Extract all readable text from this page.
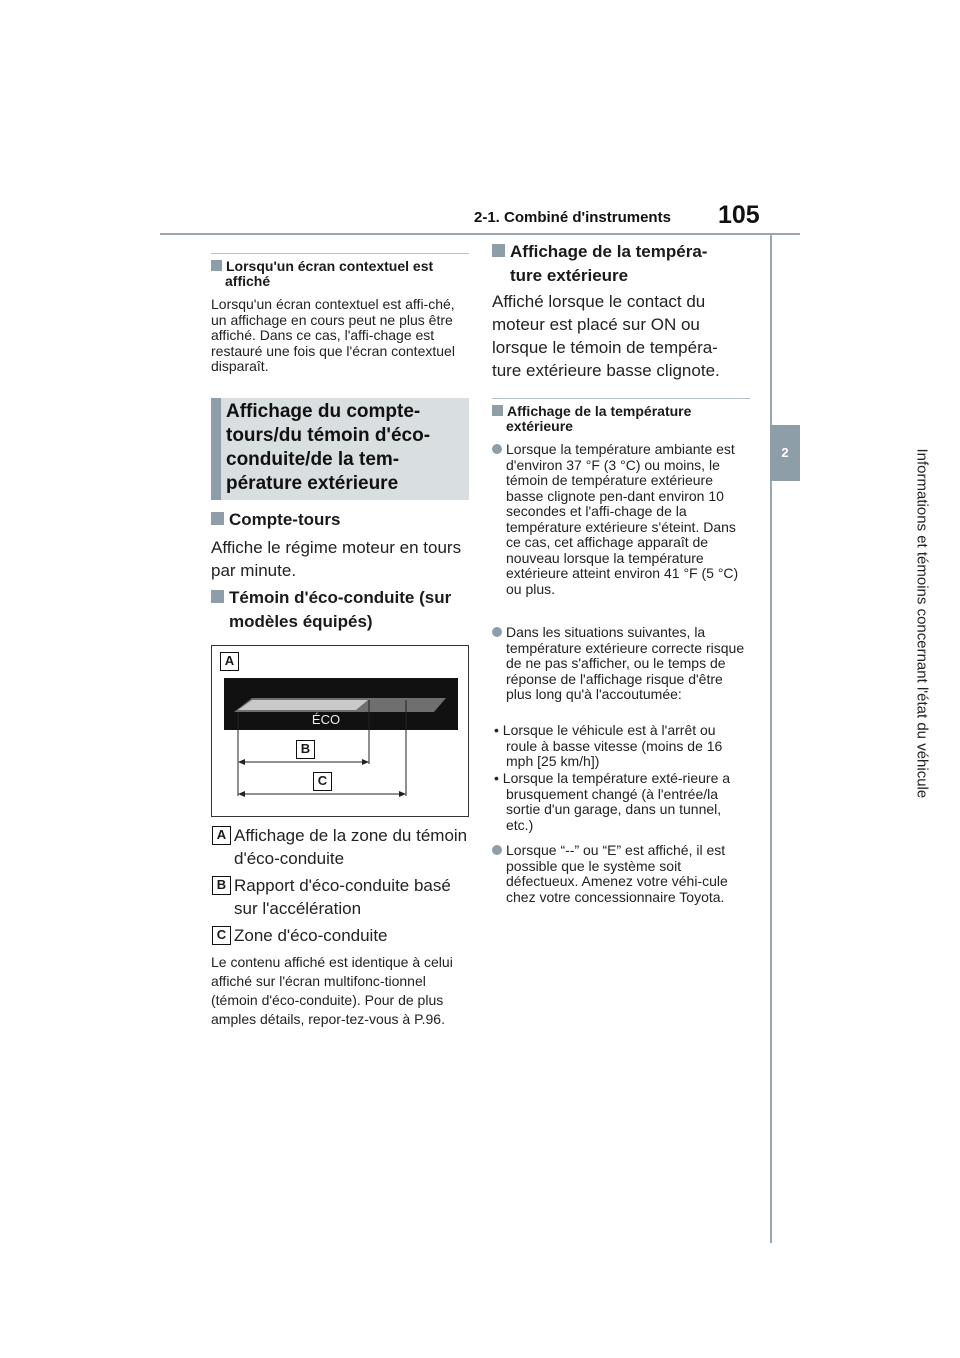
2-1. Combiné d'instruments 105
2	Informations et témoins concernant l'état du véhicule
Lorsqu'un écran contextuel est affiché
Lorsqu'un écran contextuel est affi-ché, un affichage en cours peut ne plus être affiché. Dans ce cas, l'affi-chage est restauré une fois que l'écran contextuel disparaît.
Affichage du compte-tours/du témoin d'éco-conduite/de la tem-pérature extérieure
Compte-tours
Affiche le régime moteur en tours par minute.
Témoin d'éco-conduite (sur modèles équipés)
A
ÉCO
B
C
A Affichage de la zone du témoin d'éco-conduite
B Rapport d'éco-conduite basé sur l'accélération
C Zone d'éco-conduite
Le contenu affiché est identique à celui affiché sur l'écran multifonc-tionnel (témoin d'éco-conduite). Pour de plus amples détails, repor-tez-vous à P.96.
Affichage de la tempéra-ture extérieure
Affiché lorsque le contact du moteur est placé sur ON ou lorsque le témoin de tempéra-ture extérieure basse clignote.
Affichage de la température extérieure
Lorsque la température ambiante est d'environ 37 °F (3 °C) ou moins, le témoin de température extérieure basse clignote pen-dant environ 10 secondes et l'affi-chage de la température extérieure s'éteint. Dans ce cas, cet affichage apparaît de nouveau lorsque la température extérieure atteint environ 41 °F (5 °C) ou plus.
Dans les situations suivantes, la température extérieure correcte risque de ne pas s'afficher, ou le temps de réponse de l'affichage risque d'être plus long qu'à l'accoutumée:
• Lorsque le véhicule est à l'arrêt ou roule à basse vitesse (moins de 16 mph [25 km/h])
• Lorsque la température exté-rieure a brusquement changé (à l'entrée/la sortie d'un garage, dans un tunnel, etc.)
Lorsque “--” ou “E” est affiché, il est possible que le système soit défectueux. Amenez votre véhi-cule chez votre concessionnaire Toyota.
